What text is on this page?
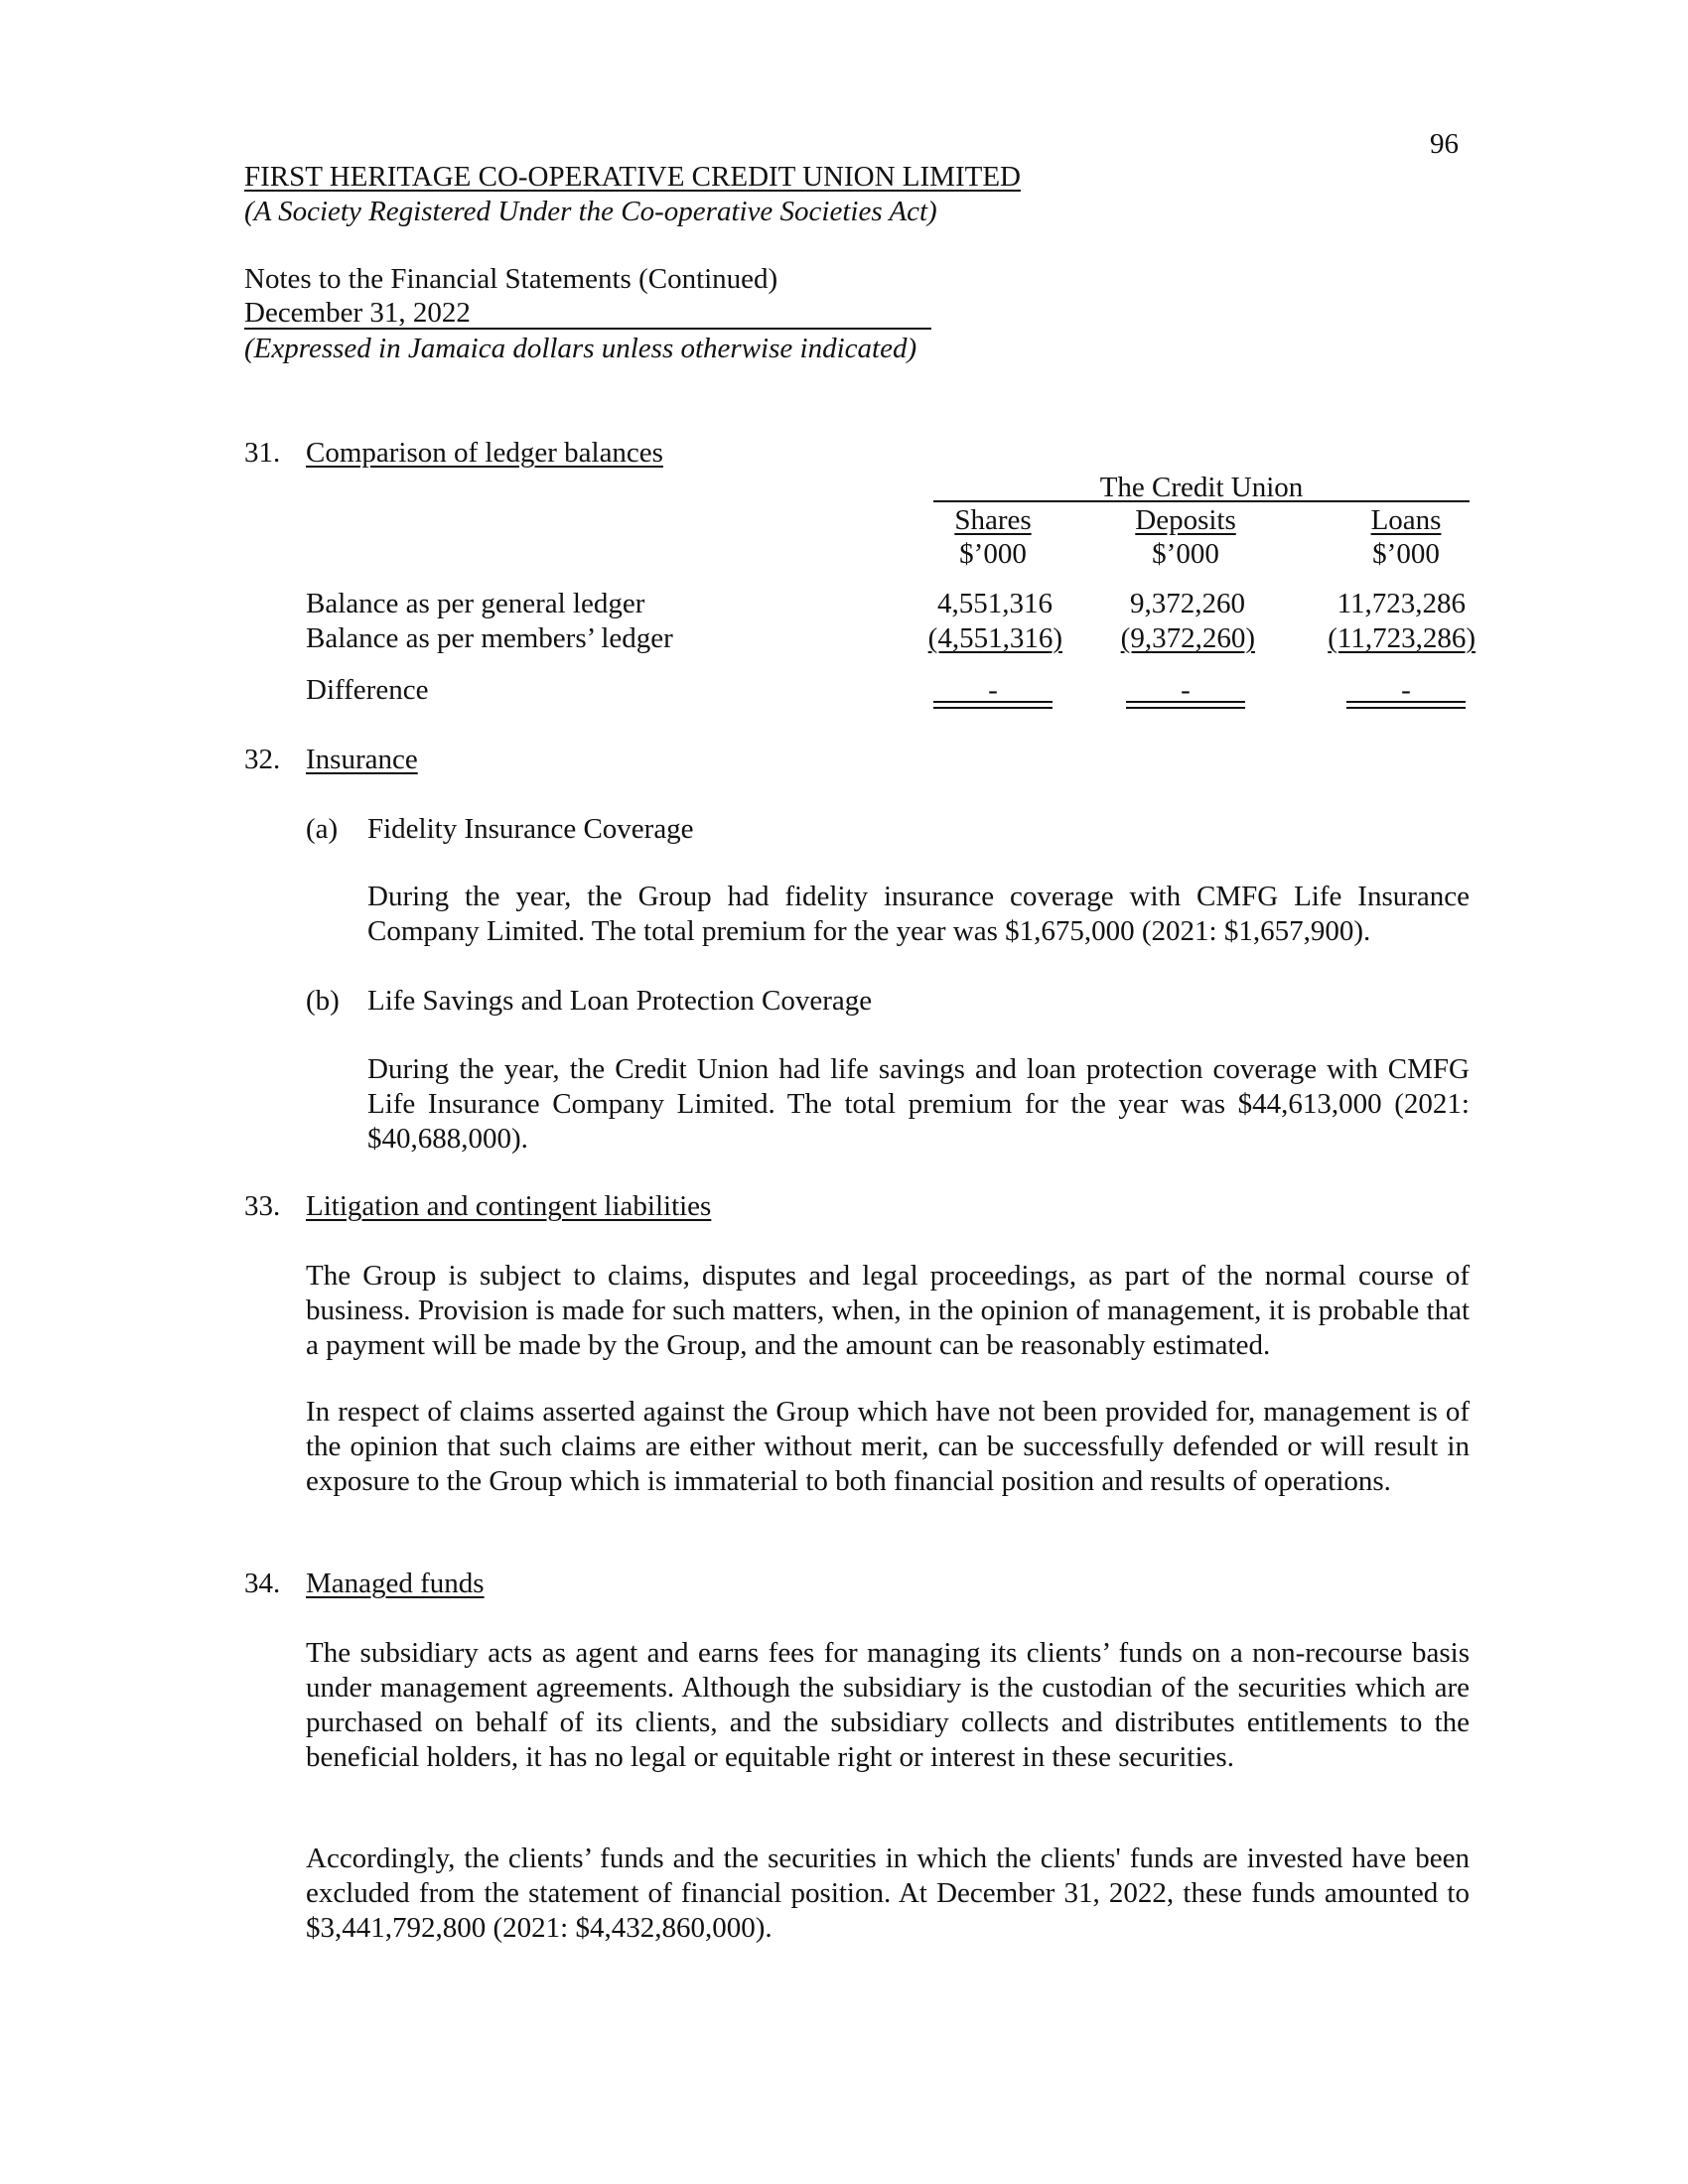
96
FIRST HERITAGE CO-OPERATIVE CREDIT UNION LIMITED
(A Society Registered Under the Co-operative Societies Act)
Notes to the Financial Statements (Continued)
December 31, 2022
(Expressed in Jamaica dollars unless otherwise indicated)
31. Comparison of ledger balances
The Credit Union
Shares	Deposits	Loans
$’000	$’000	$’000
Balance as per general ledger	4,551,316	9,372,260	11,723,286
Balance as per members’ ledger	(4,551,316)	(9,372,260)	(11,723,286)
Difference	-	-	-
32. Insurance
(a) Fidelity Insurance Coverage
During the year, the Group had fidelity insurance coverage with CMFG Life Insurance Company Limited. The total premium for the year was $1,675,000 (2021: $1,657,900).
(b) Life Savings and Loan Protection Coverage
During the year, the Credit Union had life savings and loan protection coverage with CMFG Life Insurance Company Limited. The total premium for the year was $44,613,000 (2021: $40,688,000).
33. Litigation and contingent liabilities
The Group is subject to claims, disputes and legal proceedings, as part of the normal course of business. Provision is made for such matters, when, in the opinion of management, it is probable that a payment will be made by the Group, and the amount can be reasonably estimated.
In respect of claims asserted against the Group which have not been provided for, management is of the opinion that such claims are either without merit, can be successfully defended or will result in exposure to the Group which is immaterial to both financial position and results of operations.
34. Managed funds
The subsidiary acts as agent and earns fees for managing its clients’ funds on a non-recourse basis under management agreements. Although the subsidiary is the custodian of the securities which are purchased on behalf of its clients, and the subsidiary collects and distributes entitlements to the beneficial holders, it has no legal or equitable right or interest in these securities.
Accordingly, the clients’ funds and the securities in which the clients' funds are invested have been excluded from the statement of financial position. At December 31, 2022, these funds amounted to $3,441,792,800 (2021: $4,432,860,000).
